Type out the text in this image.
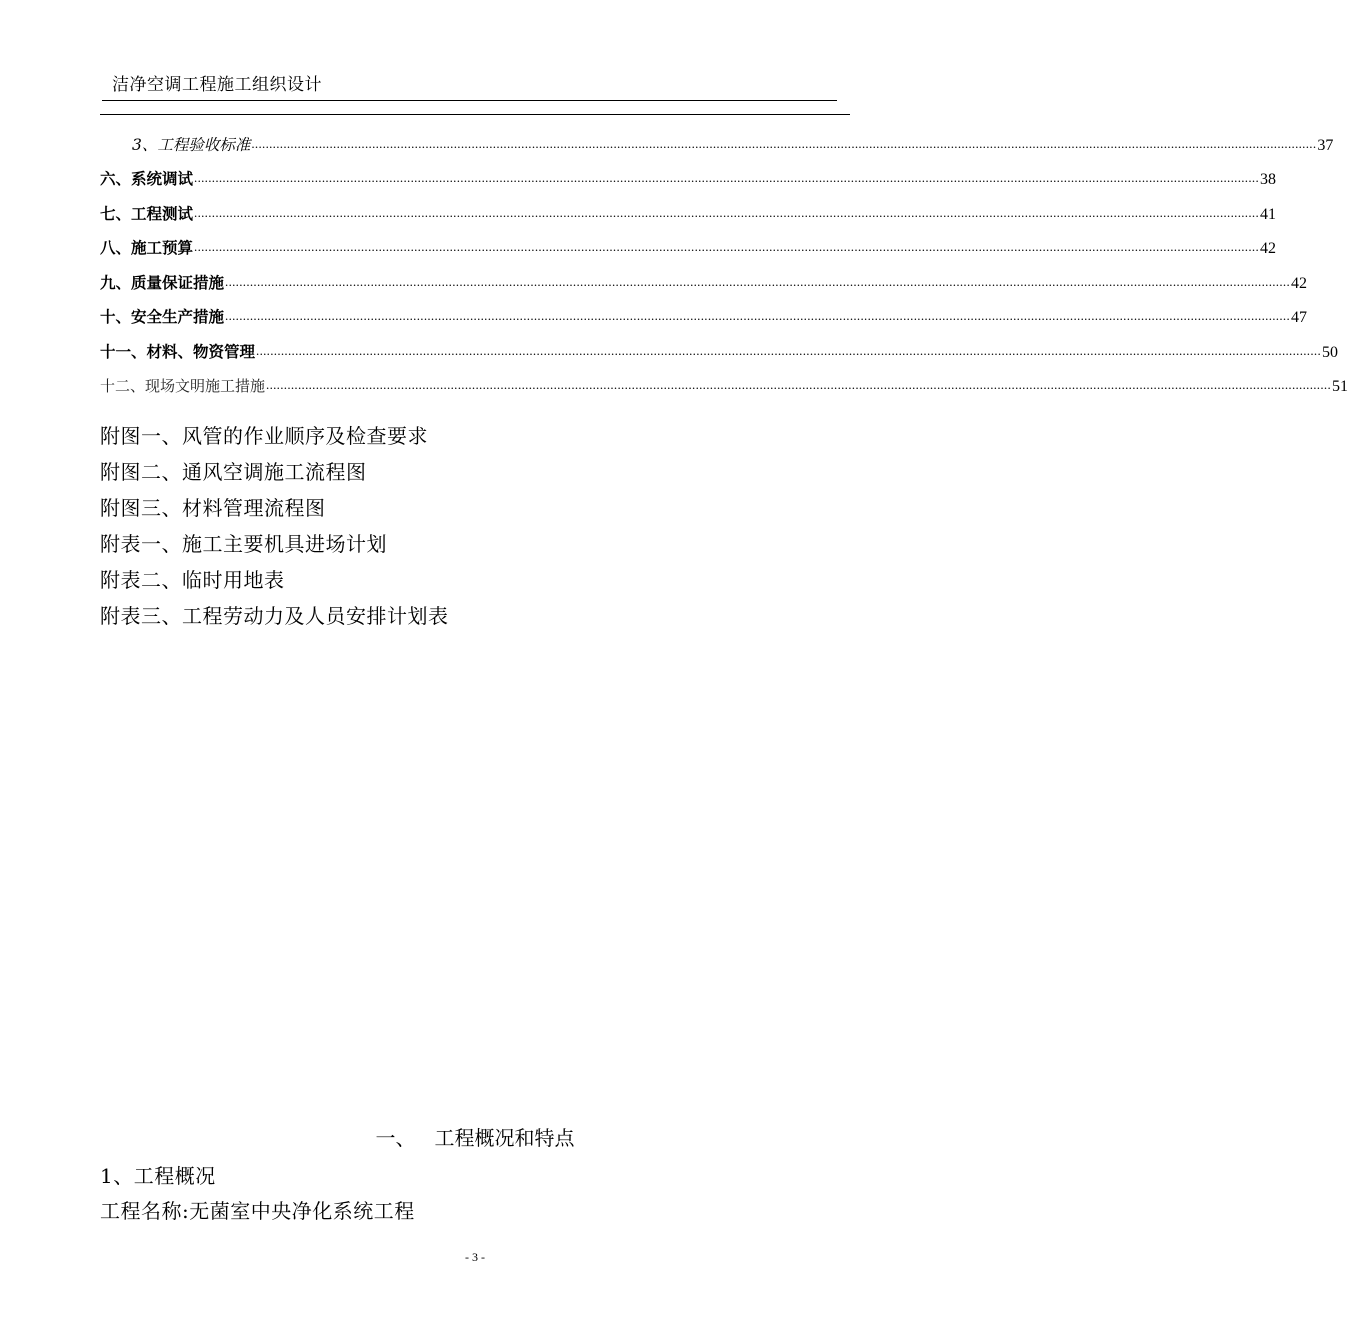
洁净空调工程施工组织设计
3、工程验收标准 ............................................................................................................................................................................................................................................................................................................ 37
六、系统调试 ............................................................................................................................................................................................................................................................................................................ 38
七、工程测试 ............................................................................................................................................................................................................................................................................................................ 41
八、施工预算 ............................................................................................................................................................................................................................................................................................................ 42
九、质量保证措施 ............................................................................................................................................................................................................................................................................................................ 42
十、安全生产措施 ............................................................................................................................................................................................................................................................................................................ 47
十一、材料、物资管理 ............................................................................................................................................................................................................................................................................................................ 50
十二、现场文明施工措施 ............................................................................................................................................................................................................................................................................................................ 51
附图一、风管的作业顺序及检查要求
附图二、通风空调施工流程图
附图三、材料管理流程图
附表一、施工主要机具进场计划
附表二、临时用地表
附表三、工程劳动力及人员安排计划表
一、   工程概况和特点
1、工程概况
工程名称:无菌室中央净化系统工程
- 3 -
